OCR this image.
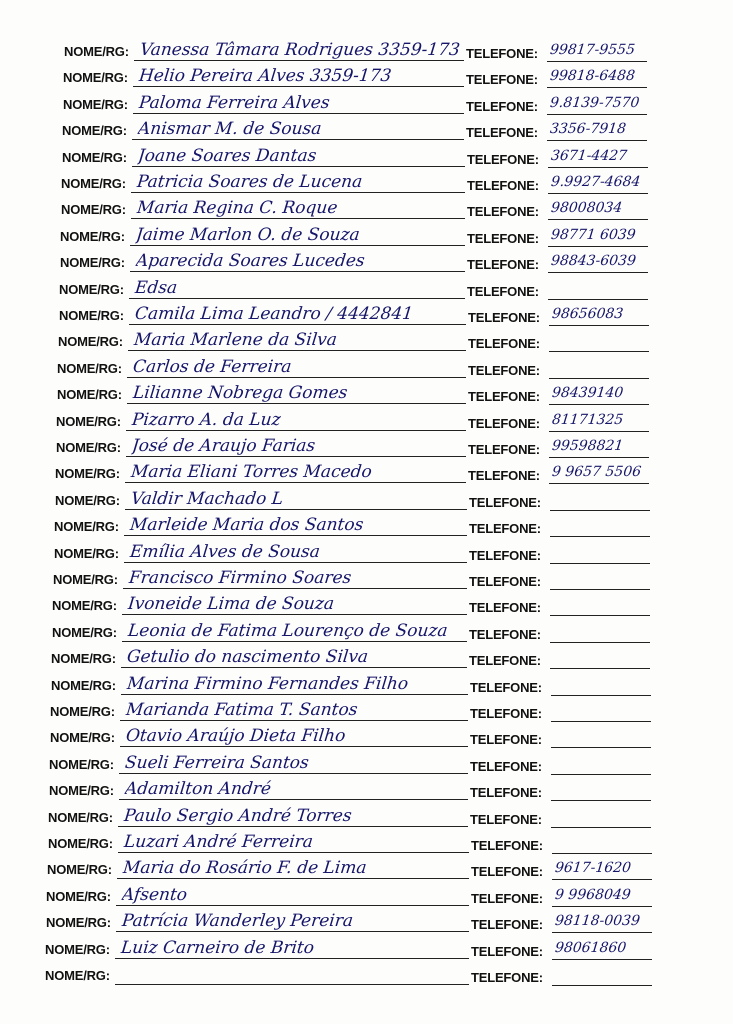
NOME/RG: Vanessa Tâmara Rodrigues 3359-173 TELEFONE: 99817-9555
NOME/RG: Helio Pereira Alves 3359-173	TELEFONE: 99818-6488
NOME/RG: Paloma Ferreira Alves	TELEFONE: 9.8139-7570
NOME/RG: Anismar M. de Sousa	TELEFONE: 3356-7918
NOME/RG: Joane Soares Dantas	TELEFONE: 3671-4427
NOME/RG: Patricia Soares de Lucena	TELEFONE: 9.9927-4684
NOME/RG: Maria Regina C. Roque	TELEFONE: 98008034
NOME/RG: Jaime Marlon O. de Souza	TELEFONE: 98771 6039
NOME/RG: Aparecida Soares Lucedes	TELEFONE: 98843-6039
NOME/RG: Edsa	TELEFONE:
NOME/RG: Camila Lima Leandro / 4442841	TELEFONE: 98656083
NOME/RG: Maria Marlene da Silva	TELEFONE:
NOME/RG: Carlos de Ferreira	TELEFONE:
NOME/RG: Lilianne Nobrega Gomes	TELEFONE: 98439140
NOME/RG: Pizarro A. da Luz	TELEFONE: 81171325
NOME/RG: José de Araujo Farias	TELEFONE: 99598821
NOME/RG: Maria Eliani Torres Macedo	TELEFONE: 9 9657 5506
NOME/RG: Valdir Machado L	TELEFONE:
NOME/RG: Marleide Maria dos Santos	TELEFONE:
NOME/RG: Emília Alves de Sousa	TELEFONE:
NOME/RG: Francisco Firmino Soares	TELEFONE:
NOME/RG: Ivoneide Lima de Souza	TELEFONE:
NOME/RG: Leonia de Fatima Lourenço de Souza TELEFONE:
NOME/RG: Getulio do nascimento Silva	TELEFONE:
NOME/RG: Marina Firmino Fernandes Filho	TELEFONE:
NOME/RG: Marianda Fatima T. Santos	TELEFONE:
NOME/RG: Otavio Araújo Dieta Filho	TELEFONE:
NOME/RG: Sueli Ferreira Santos	TELEFONE:
NOME/RG: Adamilton André	TELEFONE:
NOME/RG: Paulo Sergio André Torres	TELEFONE:
NOME/RG: Luzari André Ferreira	TELEFONE:
NOME/RG: Maria do Rosário F. de Lima	TELEFONE: 9617-1620
NOME/RG: Afsento	TELEFONE: 9 9968049
NOME/RG: Patrícia Wanderley Pereira	TELEFONE: 98118-0039
NOME/RG: Luiz Carneiro de Brito	TELEFONE: 98061860
NOME/RG:	TELEFONE:
